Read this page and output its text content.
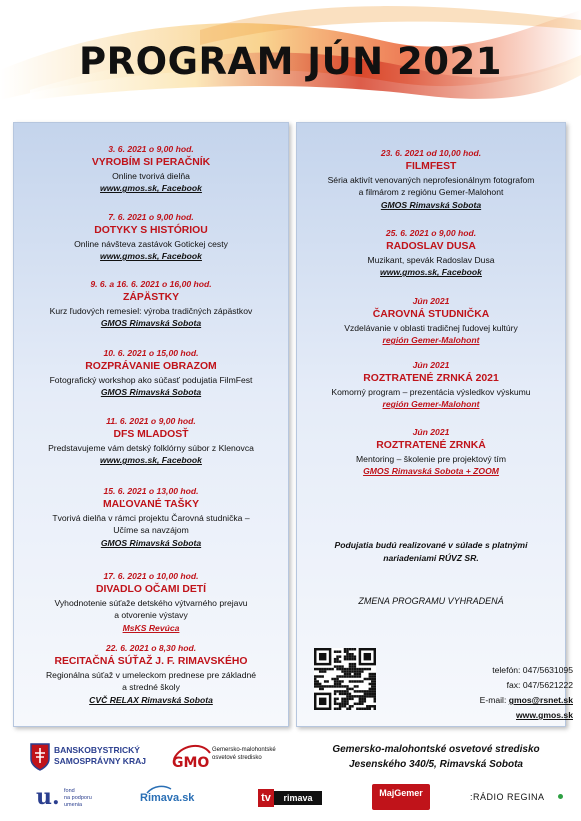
PROGRAM JÚN 2021
3. 6. 2021 o 9,00 hod.
VYROBÍM SI PERAČNÍK
Online tvorivá dielňa
www.gmos.sk, Facebook
7. 6. 2021 o 9,00 hod.
DOTYKY S HISTÓRIOU
Online návšteva zastávok Gotickej cesty
www.gmos.sk, Facebook
9. 6. a 16. 6. 2021 o 16,00 hod.
ZÁPÄSTKY
Kurz ľudových remesiel: výroba tradičných zápästkov
GMOS Rimavská Sobota
10. 6. 2021 o 15,00 hod.
ROZPRÁVANIE OBRAZOM
Fotografický workshop ako súčasť podujatia FilmFest
GMOS Rimavská Sobota
11. 6. 2021 o 9,00 hod.
DFS MLADOSŤ
Predstavujeme vám detský folklórny súbor z Klenovca
www.gmos.sk, Facebook
15. 6. 2021 o 13,00 hod.
MAĽOVANÉ TAŠKY
Tvorivá dielňa v rámci projektu Čarovná studnička –
Učíme sa navzájom
GMOS Rimavská Sobota
17. 6. 2021 o 10,00 hod.
DIVADLO OČAMI DETÍ
Vyhodnotenie súťaže detského výtvarného prejavu
a otvorenie výstavy
MsKS Revúca
22. 6. 2021 o 8,30 hod.
RECITAČNÁ SÚŤAŽ J. F. RIMAVSKÉHO
Regionálna súťaž v umeleckom prednese pre základné
a stredné školy
CVČ RELAX Rimavská Sobota
Podujatia budú realizované v súlade s platnými
nariadeniami RÚVZ SR.
ZMENA PROGRAMU VYHRADENÁ
23. 6. 2021 od 10,00 hod.
FILMFEST
Séria aktivít venovaných neprofesionálnym fotografom
a filmárom z regiónu Gemer-Malohont
GMOS Rimavská Sobota
25. 6. 2021 o 9,00 hod.
RADOSLAV DUSA
Muzikant, spevák Radoslav Dusa
www.gmos.sk, Facebook
Jún 2021
ČAROVNÁ STUDNIČKA
Vzdelávanie v oblasti tradičnej ľudovej kultúry
región Gemer-Malohont
Jún 2021
ROZTRATENÉ ZRNKÁ 2021
Komorný program – prezentácia výsledkov výskumu
región Gemer-Malohont
Jún 2021
ROZTRATENÉ ZRNKÁ
Mentoring – školenie pre projektový tím
GMOS Rimavská Sobota + ZOOM
telefón: 047/5631095
fax: 047/5621222
E-mail: gmos@rsnet.sk
www.gmos.sk
BANSKOBYSTRICKÝ
SAMOSPRÁVNY KRAJ GMO
Gemersko-malohontské
osvetové stredisko
Gemersko-malohontské osvetové stredisko
Jesenského 340/5, Rimavská Sobota
u. fond
na podporu
umenia
Rimava.sk	tv	rimava	MajGemer	:RÁDIO REGINA
